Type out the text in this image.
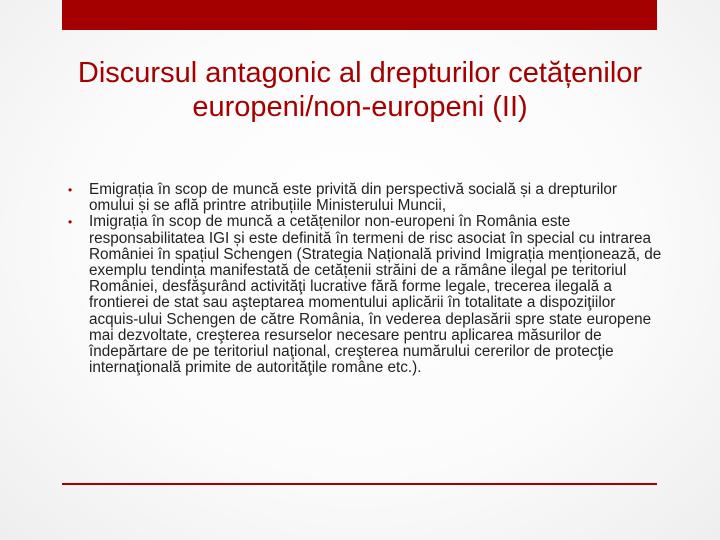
Discursul antagonic al drepturilor cetățenilor europeni/non-europeni (II)
• Emigrația în scop de muncă este privită din perspectivă socială și a drepturilor omului și se află printre atribuțiile Ministerului Muncii,
• Imigrația în scop de muncă a cetățenilor non-europeni în România este responsabilitatea IGI și este definită în termeni de risc asociat în special cu intrarea României în spațiul Schengen (Strategia Națională privind Imigrația menționează, de exemplu tendința manifestată de cetățenii străini de a rămâne ilegal pe teritoriul României, desfăşurând activităţi lucrative fără forme legale, trecerea ilegală a frontierei de stat sau aşteptarea momentului aplicării în totalitate a dispoziţiilor acquis-ului Schengen de către România, în vederea deplasării spre state europene mai dezvoltate, creşterea resurselor necesare pentru aplicarea măsurilor de îndepărtare de pe teritoriul naţional, creşterea numărului cererilor de protecţie internaţională primite de autorităţile române etc.).
